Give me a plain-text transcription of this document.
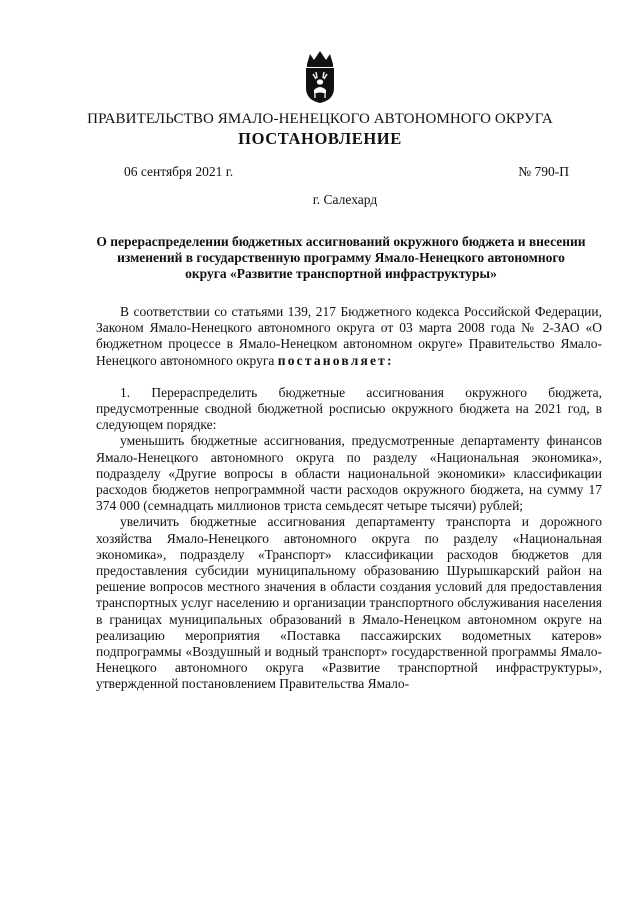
ПРАВИТЕЛЬСТВО ЯМАЛО-НЕНЕЦКОГО АВТОНОМНОГО ОКРУГА
ПОСТАНОВЛЕНИЕ
06 сентября 2021 г.	№ 790-П
г. Салехард
О перераспределении бюджетных ассигнований окружного бюджета и внесении изменений в государственную программу Ямало-Ненецкого автономного округа «Развитие транспортной инфраструктуры»

В соответствии со статьями 139, 217 Бюджетного кодекса Российской Федерации, Законом Ямало-Ненецкого автономного округа от 03 марта 2008 года № 2-ЗАО «О бюджетном процессе в Ямало-Ненецком автономном округе» Правительство Ямало-Ненецкого автономного округа постановляет:

1. Перераспределить бюджетные ассигнования окружного бюджета, предусмотренные сводной бюджетной росписью окружного бюджета на 2021 год, в следующем порядке:

уменьшить бюджетные ассигнования, предусмотренные департаменту финансов Ямало-Ненецкого автономного округа по разделу «Национальная экономика», подразделу «Другие вопросы в области национальной экономики» классификации расходов бюджетов непрограммной части расходов окружного бюджета, на сумму 17 374 000 (семнадцать миллионов триста семьдесят четыре тысячи) рублей;

увеличить бюджетные ассигнования департаменту транспорта и дорожного хозяйства Ямало-Ненецкого автономного округа по разделу «Национальная экономика», подразделу «Транспорт» классификации расходов бюджетов для предоставления субсидии муниципальному образованию Шурышкарский район на решение вопросов местного значения в области создания условий для предоставления транспортных услуг населению и организации транспортного обслуживания населения в границах муниципальных образований в Ямало-Ненецком автономном округе на реализацию мероприятия «Поставка пассажирских водометных катеров» подпрограммы «Воздушный и водный транспорт» государственной программы Ямало-Ненецкого автономного округа «Развитие транспортной инфраструктуры», утвержденной постановлением Правительства Ямало-
